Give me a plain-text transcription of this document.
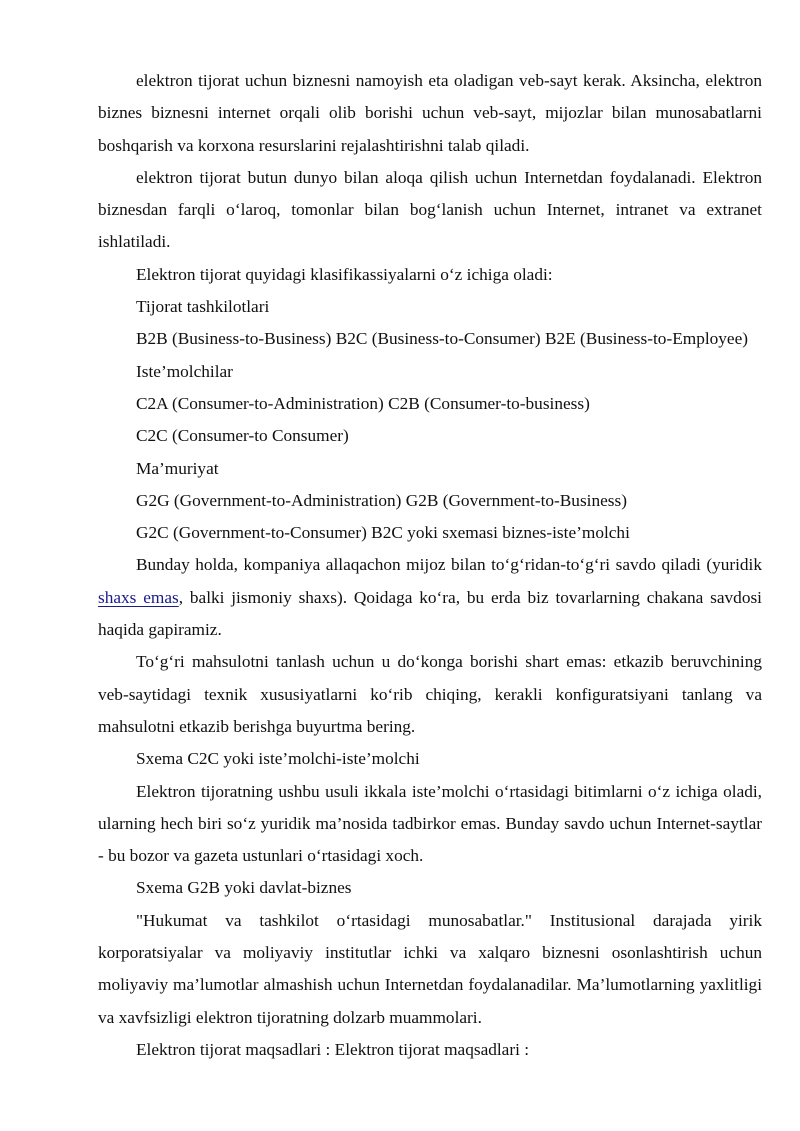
elektron tijorat uchun biznesni namoyish eta oladigan veb-sayt kerak. Aksincha, elektron biznes biznesni internet orqali olib borishi uchun veb-sayt, mijozlar bilan munosabatlarni boshqarish va korxona resurslarini rejalashtirishni talab qiladi.

elektron tijorat butun dunyo bilan aloqa qilish uchun Internetdan foydalanadi. Elektron biznesdan farqli o‘laroq, tomonlar bilan bog‘lanish uchun Internet, intranet va extranet ishlatiladi.

Elektron tijorat quyidagi klasifikassiyalarni o‘z ichiga oladi:

Tijorat tashkilotlari

B2B (Business-to-Business) B2C (Business-to-Consumer) B2E (Business-to-Employee)

Iste’molchilar

C2A (Consumer-to-Administration) C2B (Consumer-to-business)

C2C (Consumer-to Consumer)

Ma’muriyat

G2G (Government-to-Administration) G2B (Government-to-Business)

G2C (Government-to-Consumer) B2C yoki sxemasi biznes-iste’molchi

Bunday holda, kompaniya allaqachon mijoz bilan to‘g‘ridan-to‘g‘ri savdo qiladi (yuridik shaxs emas, balki jismoniy shaxs). Qoidaga ko‘ra, bu erda biz tovarlarning chakana savdosi haqida gapiramiz.

To‘g‘ri mahsulotni tanlash uchun u do‘konga borishi shart emas: etkazib beruvchining veb-saytidagi texnik xususiyatlarni ko‘rib chiqing, kerakli konfiguratsiyani tanlang va mahsulotni etkazib berishga buyurtma bering.

Sxema C2C yoki iste’molchi-iste’molchi

Elektron tijoratning ushbu usuli ikkala iste’molchi o‘rtasidagi bitimlarni o‘z ichiga oladi, ularning hech biri so‘z yuridik ma’nosida tadbirkor emas. Bunday savdo uchun Internet-saytlar - bu bozor va gazeta ustunlari o‘rtasidagi xoch.

Sxema G2B yoki davlat-biznes

"Hukumat va tashkilot o‘rtasidagi munosabatlar." Institusional darajada yirik korporatsiyalar va moliyaviy institutlar ichki va xalqaro biznesni osonlashtirish uchun moliyaviy ma’lumotlar almashish uchun Internetdan foydalanadilar. Ma’lumotlarning yaxlitligi va xavfsizligi elektron tijoratning dolzarb muammolari.

Elektron tijorat maqsadlari : Elektron tijorat maqsadlari :
